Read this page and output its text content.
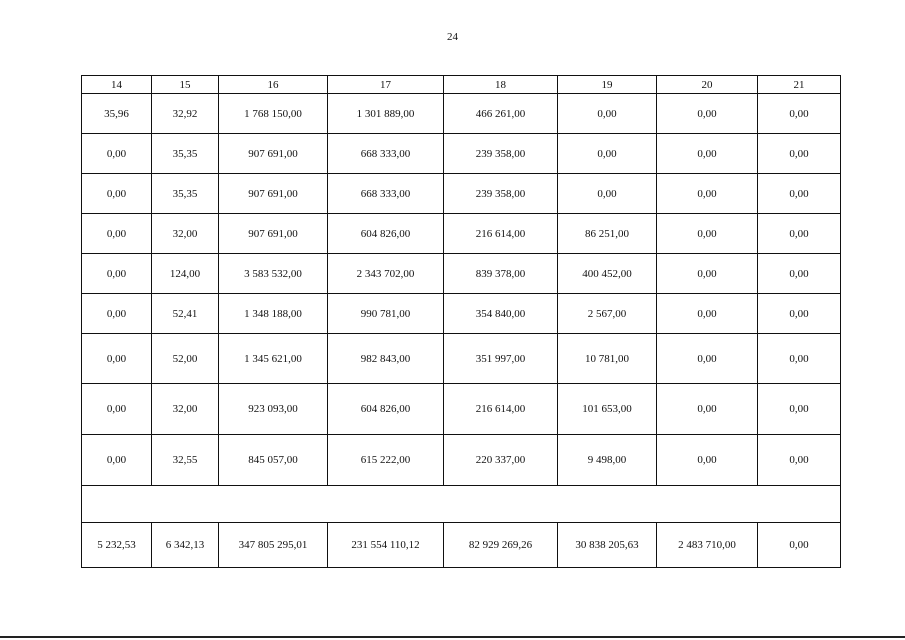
24
14	15	16	17	18	19	20	21
35,96	32,92	1 768 150,00	1 301 889,00	466 261,00	0,00	0,00	0,00
0,00	35,35	907 691,00	668 333,00	239 358,00	0,00	0,00	0,00
0,00	35,35	907 691,00	668 333,00	239 358,00	0,00	0,00	0,00
0,00	32,00	907 691,00	604 826,00	216 614,00	86 251,00	0,00	0,00
0,00	124,00	3 583 532,00	2 343 702,00	839 378,00	400 452,00	0,00	0,00
0,00	52,41	1 348 188,00	990 781,00	354 840,00	2 567,00	0,00	0,00
0,00	52,00	1 345 621,00	982 843,00	351 997,00	10 781,00	0,00	0,00
0,00	32,00	923 093,00	604 826,00	216 614,00	101 653,00	0,00	0,00
0,00	32,55	845 057,00	615 222,00	220 337,00	9 498,00	0,00	0,00

5 232,53	6 342,13	347 805 295,01	231 554 110,12	82 929 269,26	30 838 205,63	2 483 710,00	0,00
